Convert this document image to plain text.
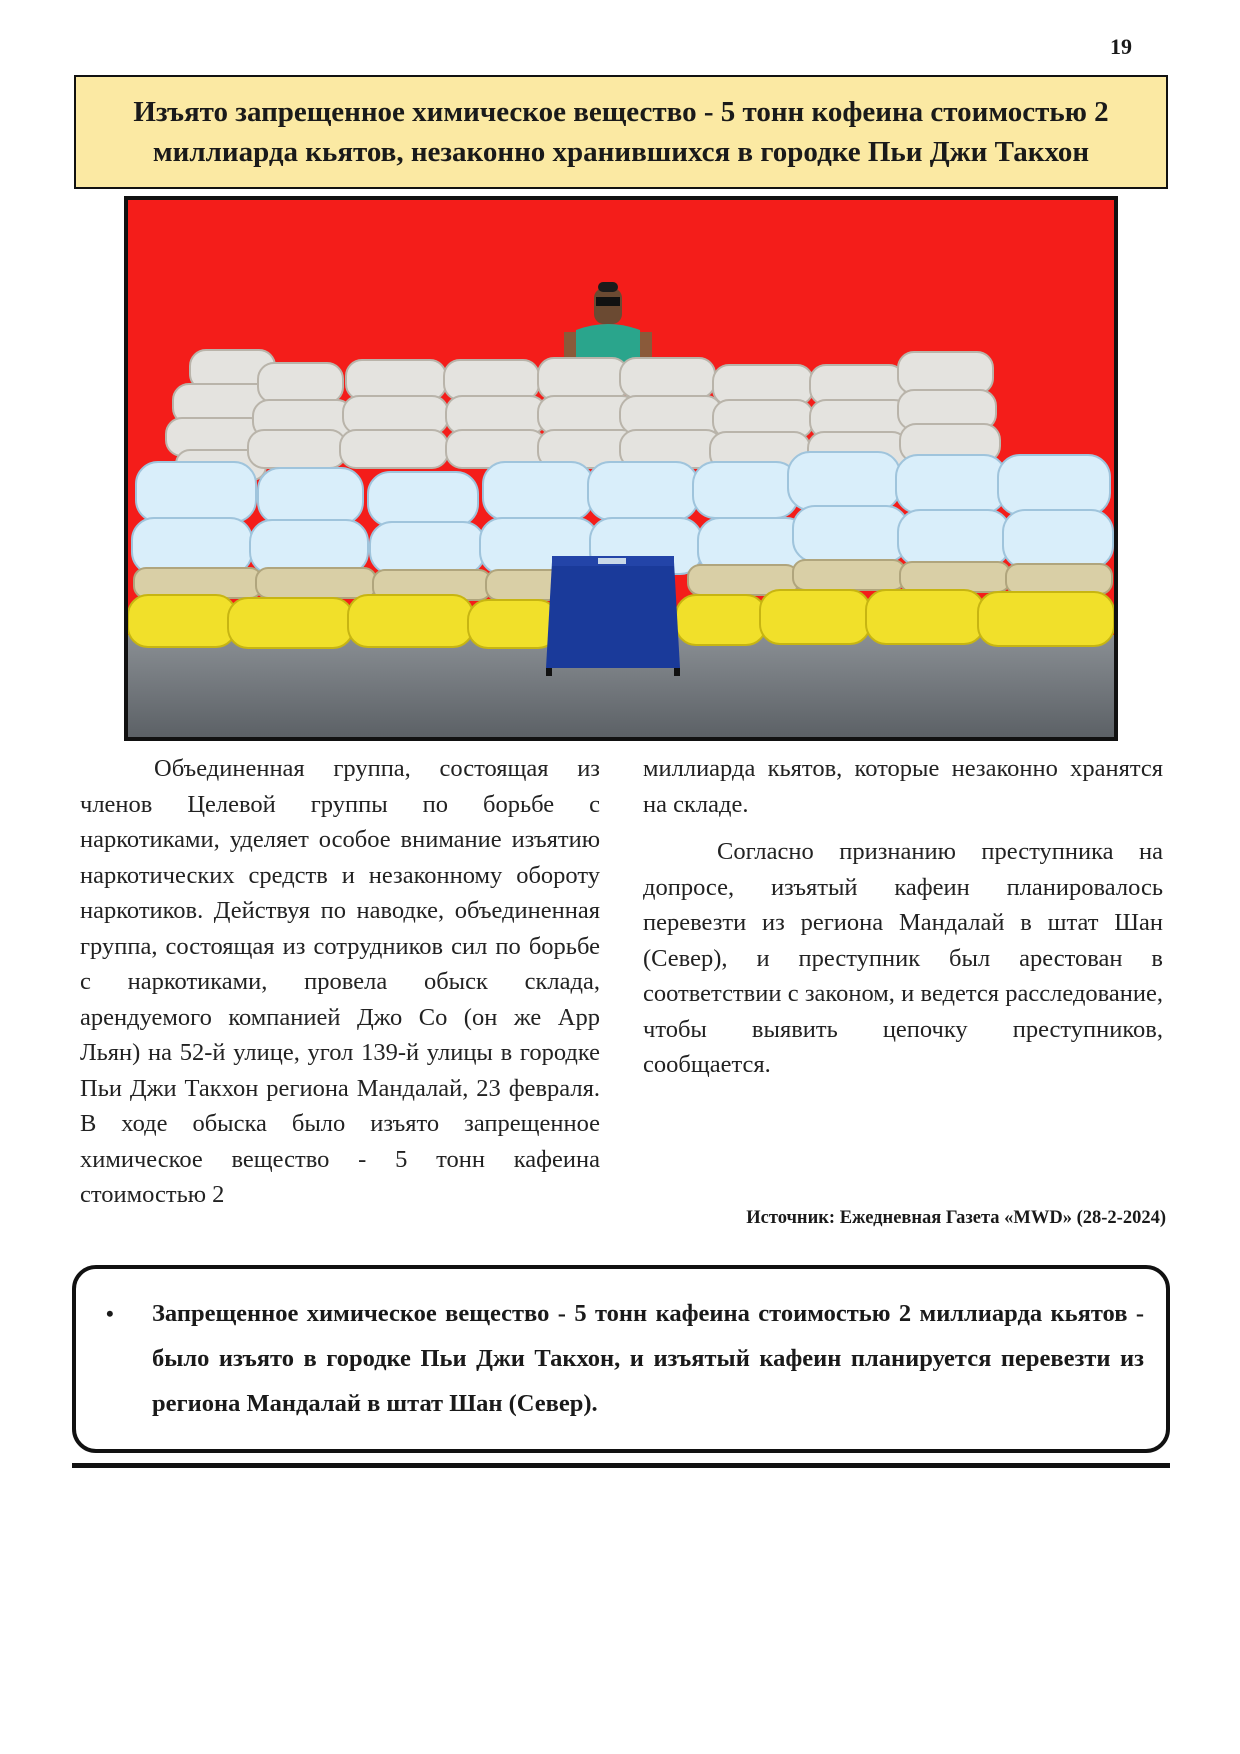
19
Изъято запрещенное химическое вещество - 5 тонн кофеина стоимостью 2 миллиарда кьятов, незаконно хранившихся в городке Пьи Джи Такхон

Объединенная группа, состоящая из членов Целевой группы по борьбе с наркотиками, уделяет особое внимание изъятию наркотических средств и незаконному обороту наркотиков. Действуя по наводке, объединенная группа, состоящая из сотрудников сил по борьбе с наркотиками, провела обыск склада, арендуемого компанией Джо Со (он же Арр Льян) на 52-й улице, угол 139-й улицы в городке Пьи Джи Такхон региона Мандалай, 23 февраля. В ходе обыска было изъято запрещенное химическое вещество - 5 тонн кафеина стоимостью 2

миллиарда кьятов, которые незаконно хранятся на складе.

Согласно признанию преступника на допросе, изъятый кафеин планировалось перевезти из региона Мандалай в штат Шан (Север), и преступник был арестован в соответствии с законом, и ведется расследование, чтобы выявить цепочку преступников, сообщается.

Источник: Ежедневная Газета «MWD» (28-2-2024)
• Запрещенное химическое вещество - 5 тонн кафеина стоимостью 2 миллиарда кьятов - было изъято в городке Пьи Джи Такхон, и изъятый кафеин планируется перевезти из региона Мандалай в штат Шан (Север).
